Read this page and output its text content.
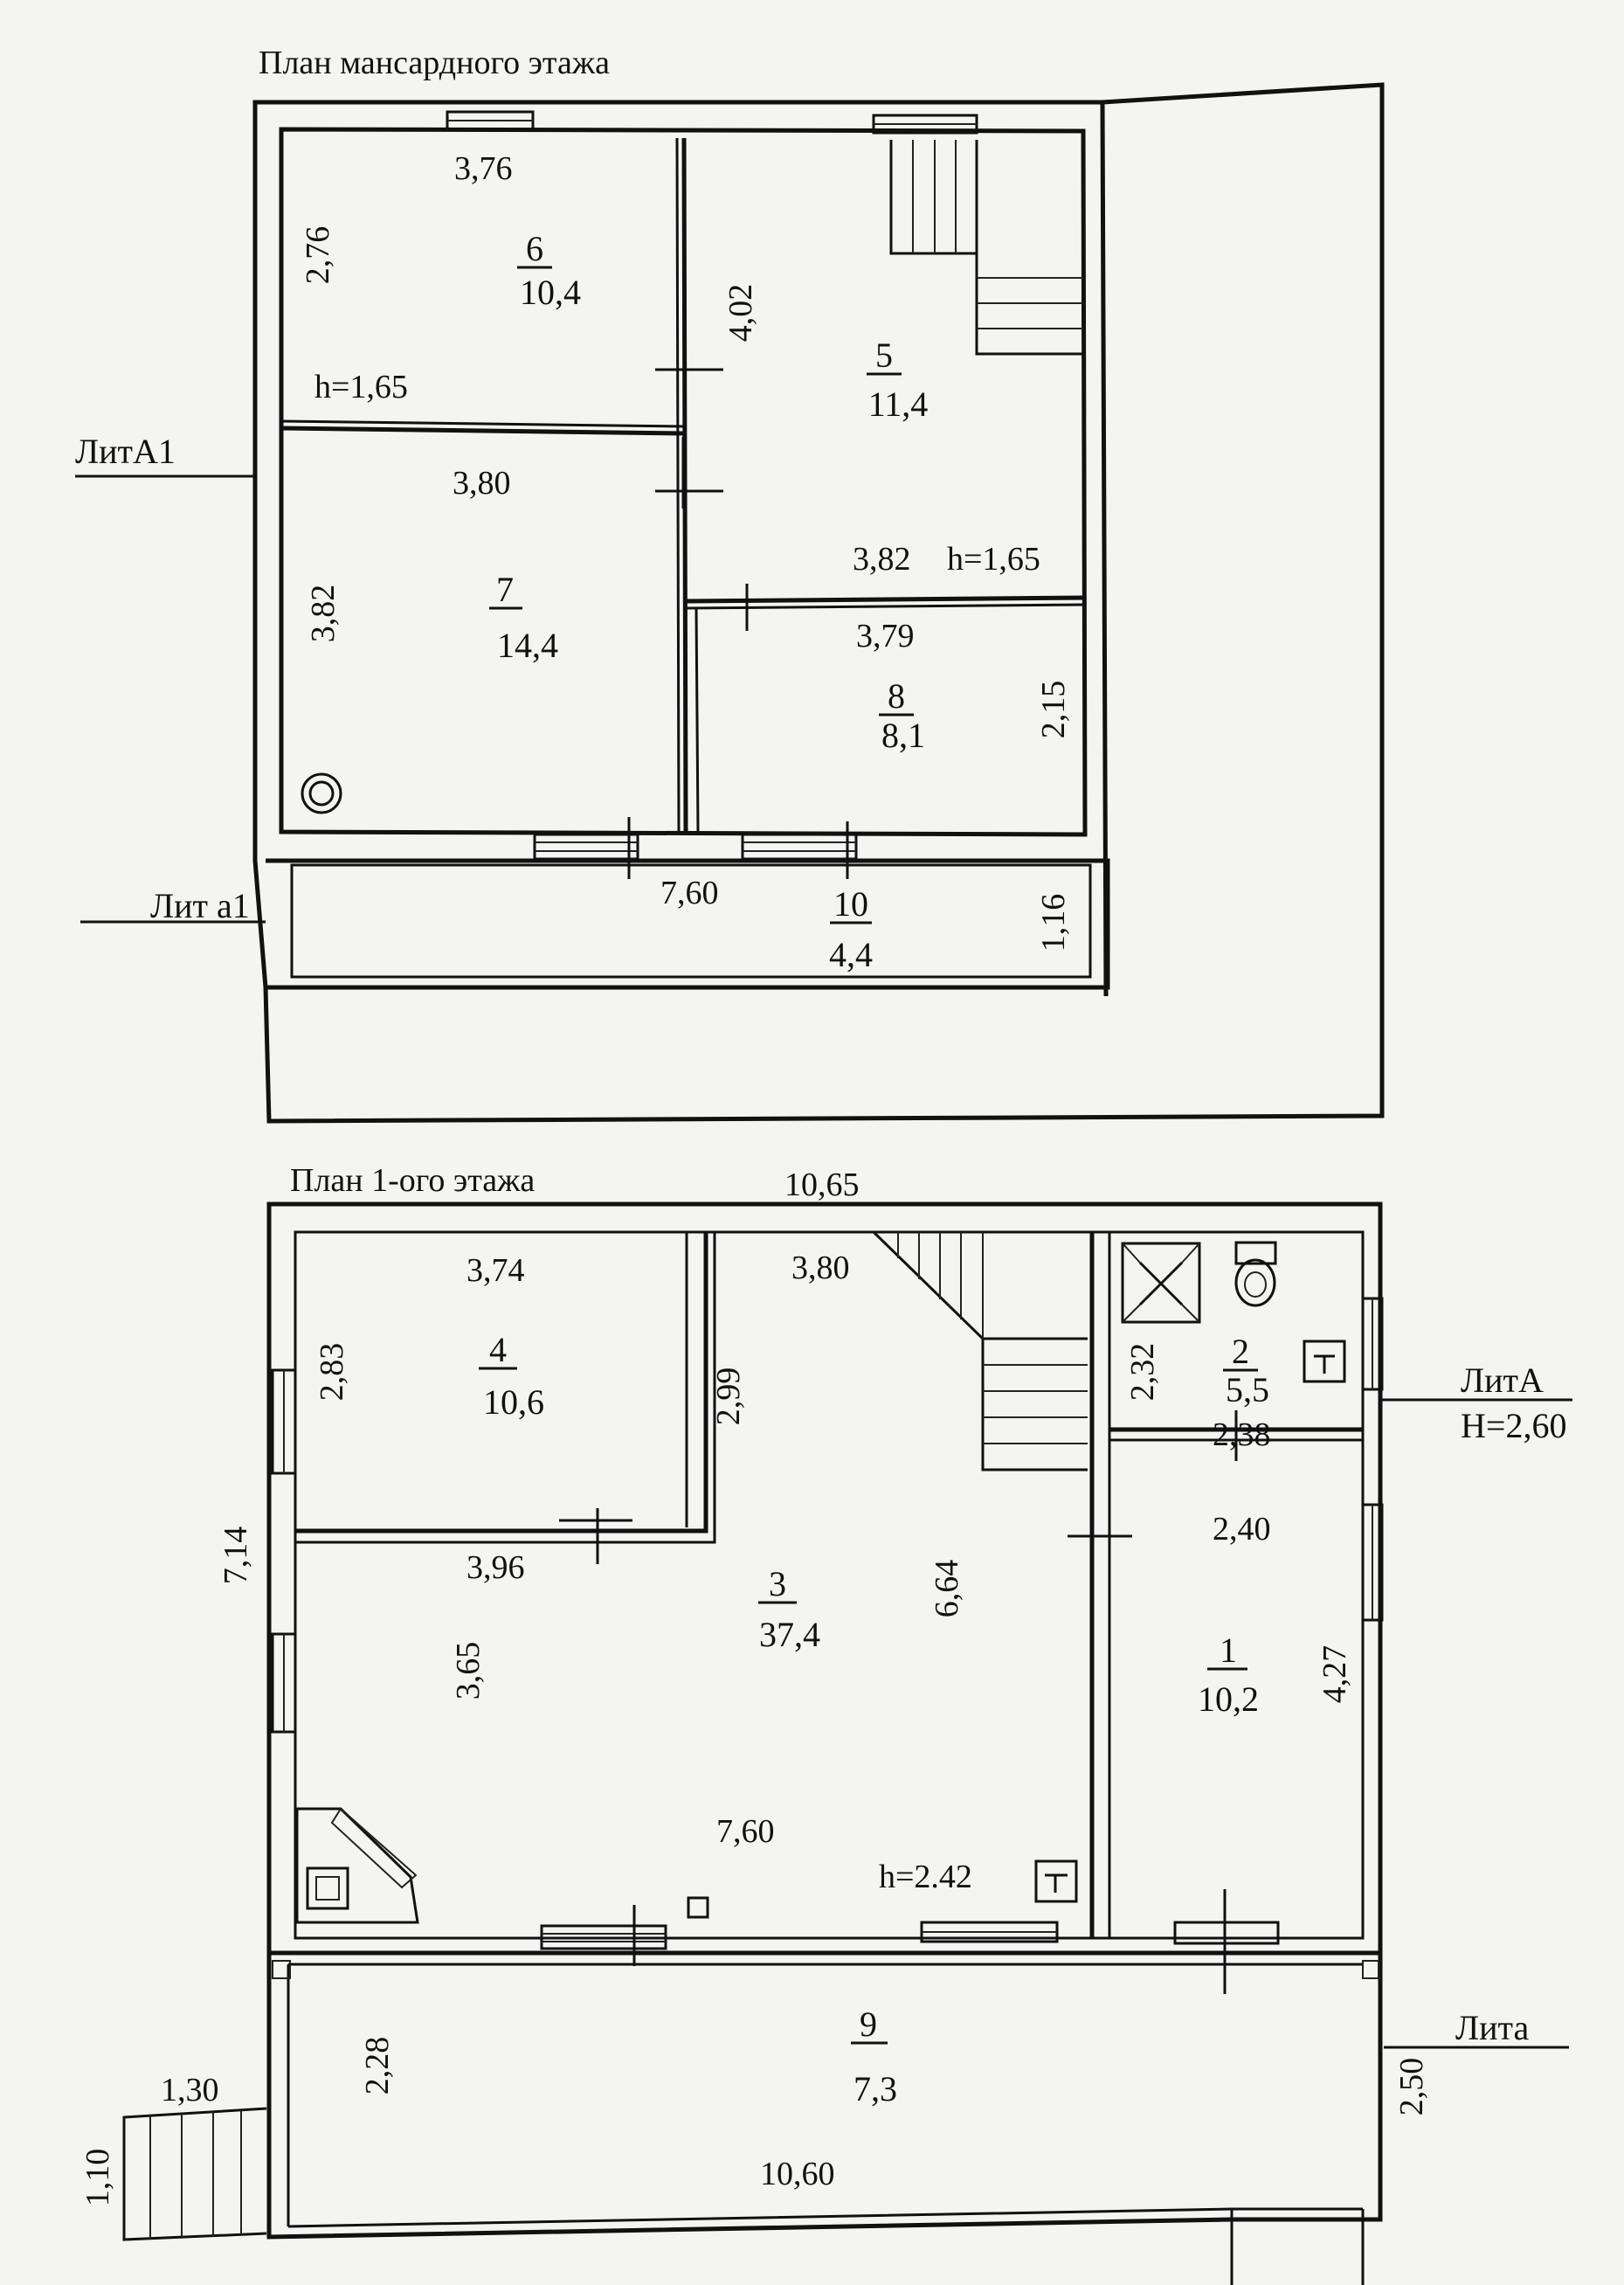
План мансардного этажа
ЛитА1
Лит а1
6
10,4
5
11,4
7
14,4
8
8,1
10
4,4
3,76
2,76
h=1,65
4,02
3,80
3,82
3,82 h=1,65
3,79
2,15
7,60
1,16
План 1-ого этажа
ЛитА
H=2,60
Лита
4
10,6
3
37,4
2
5,5
1
10,2
9
7,3
10,65
3,74	3,80
2,83	2,99	2,32
2,38
2,40
7,14	3,96	6,64
3,65	4,27
7,60
h=2.42
1,30	2,28	2,50
1,10	10,60
